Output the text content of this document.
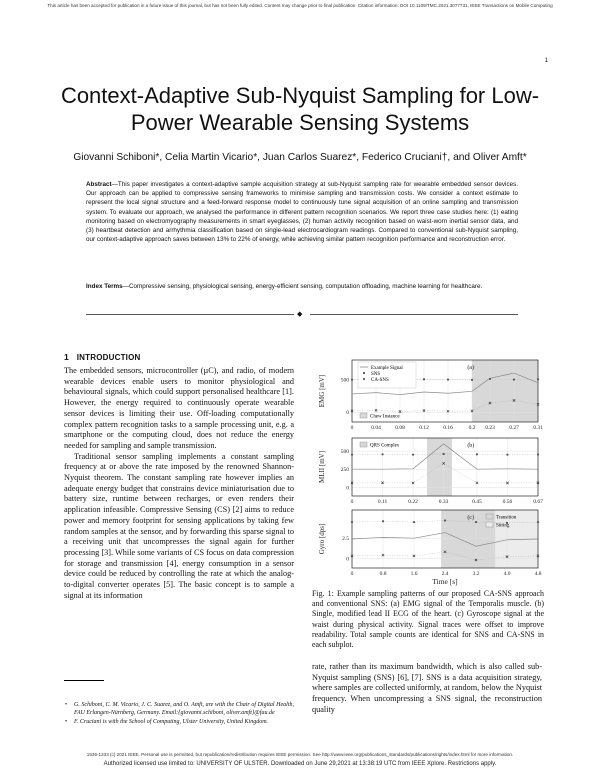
This article has been accepted for publication in a future issue of this journal, but has not been fully edited. Content may change prior to final publication. Citation information: DOI 10.1109/TMC.2021.3077731, IEEE Transactions on Mobile Computing
1
Context-Adaptive Sub-Nyquist Sampling for Low-Power Wearable Sensing Systems
Giovanni Schiboni*, Celia Martin Vicario*, Juan Carlos Suarez*, Federico Cruciani†, and Oliver Amft*
Abstract—This paper investigates a context-adaptive sample acquisition strategy at sub-Nyquist sampling rate for wearable embedded sensor devices. Our approach can be applied to compressive sensing frameworks to minimise sampling and transmission costs. We consider a context estimate to represent the local signal structure and a feed-forward response model to continuously tune signal acquisition of an online sampling and transmission system. To evaluate our approach, we analysed the performance in different pattern recognition scenarios. We report three case studies here: (1) eating monitoring based on electromyography measurements in smart eyeglasses, (2) human activity recognition based on waist-worn inertial sensor data, and (3) heartbeat detection and arrhythmia classification based on single-lead electrocardiogram readings. Compared to conventional sub-Nyquist sampling, our context-adaptive approach saves between 13% to 22% of energy, while achieving similar pattern recognition performance and reconstruction error.
Index Terms—Compressive sensing, physiological sensing, energy-efficient sensing, computation offloading, machine learning for healthcare.
◆
1 INTRODUCTION

The embedded sensors, microcontroller (µC), and radio, of modern wearable devices enable users to monitor physiological and behavioural signals, which could support personalised healthcare [1]. However, the energy required to continuously operate wearable sensor devices is limiting their use. Off-loading computationally complex pattern recognition tasks to a sample processing unit, e.g. a smartphone or the computing cloud, does not reduce the energy needed for sampling and sample transmission.

Traditional sensor sampling implements a constant sampling frequency at or above the rate imposed by the renowned Shannon-Nyquist theorem. The constant sampling rate however implies an adequate energy budget that constrains device miniaturisation due to battery size, runtime between recharges, or even renders their application infeasible. Compressive Sensing (CS) [2] aims to reduce power and memory footprint for sensing applications by taking few random samples at the sensor, and by forwarding this sparse signal to a receiving unit that uncompresses the signal again for further processing [3]. While some variants of CS focus on data compression for storage and transmission [4], energy consumption in a sensor device could be reduced by controlling the rate at which the analog-to-digital converter operates [5]. The basic concept is to sample a signal at its information

• G. Schiboni, C. M. Vicario, J. C. Suarez, and O. Amft, are with the Chair of Digital Health, FAU Erlangen-Nürnberg, Germany. Email:{giovanni.schiboni, oliver.amft}@fau.de
• F. Cruciani is with the School of Computing, Ulster University, United Kingdom.
0
500
0	0.04	0.08	0.12	0.16	0.2 0.23	0.27	0.31
EMG [mV]
(a)
Example Signal
SNS
CA-SNS
Chew Instance
0
250
500
0	0.11	0.22	0.33	0.45	0.56	0.67
MLII [mV]
(b)
QRS Complex
0
2.5
0	0.8	1.6	2.4	3.2	4.0	4.8
Gyro [dps]
(c)
Time [s]
Transition
Sitting
Fig. 1: Example sampling patterns of our proposed CA-SNS approach and conventional SNS: (a) EMG signal of the Temporalis muscle. (b) Single, modified lead II ECG of the heart. (c) Gyroscope signal at the waist during physical activity. Signal traces were offset to improve readability. Total sample counts are identical for SNS and CA-SNS in each subplot.

rate, rather than its maximum bandwidth, which is also called sub-Nyquist sampling (SNS) [6], [7]. SNS is a data acquisition strategy, where samples are collected uniformly, at random, below the Nyquist frequency. When uncompressing a SNS signal, the reconstruction quality

1536-1233 (c) 2021 IEEE. Personal use is permitted, but republication/redistribution requires IEEE permission. See http://www.ieee.org/publications_standards/publications/rights/index.html for more information.
Authorized licensed use limited to: UNIVERSITY OF ULSTER. Downloaded on June 29,2021 at 13:38:19 UTC from IEEE Xplore. Restrictions apply.
